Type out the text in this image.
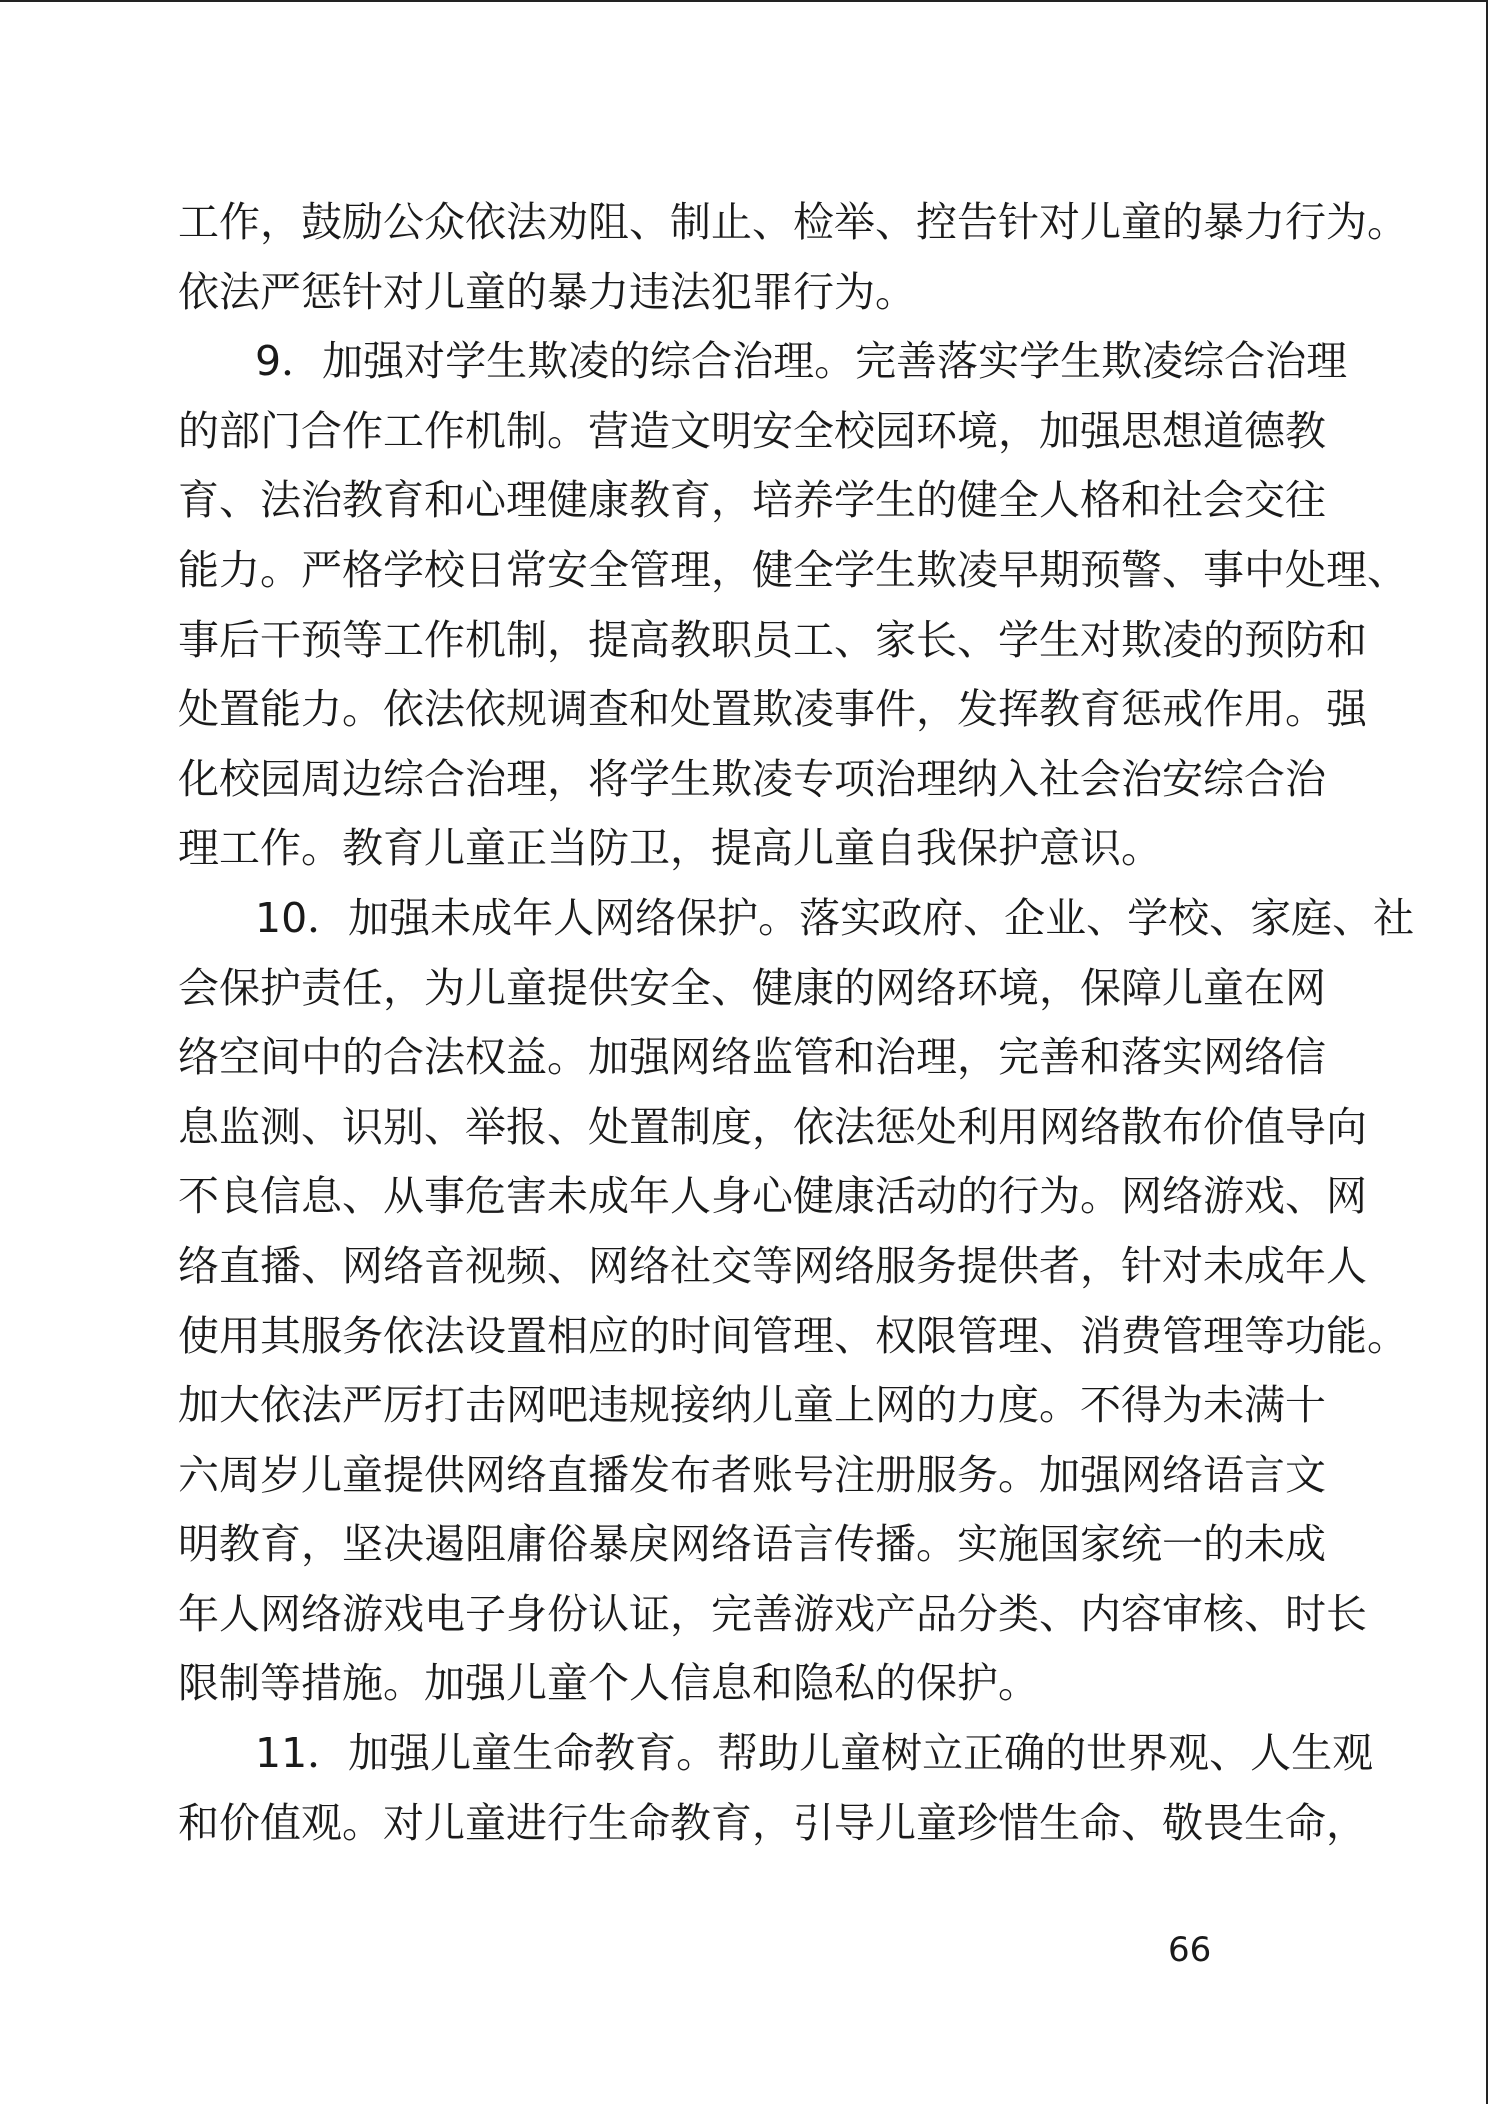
工作，鼓励公众依法劝阻、制止、检举、控告针对儿童的暴力行为。
依法严惩针对儿童的暴力违法犯罪行为。
9．加强对学生欺凌的综合治理。完善落实学生欺凌综合治理
的部门合作工作机制。营造文明安全校园环境，加强思想道德教
育、法治教育和心理健康教育，培养学生的健全人格和社会交往
能力。严格学校日常安全管理，健全学生欺凌早期预警、事中处理、
事后干预等工作机制，提高教职员工、家长、学生对欺凌的预防和
处置能力。依法依规调查和处置欺凌事件，发挥教育惩戒作用。强
化校园周边综合治理，将学生欺凌专项治理纳入社会治安综合治
理工作。教育儿童正当防卫，提高儿童自我保护意识。
10．加强未成年人网络保护。落实政府、企业、学校、家庭、社
会保护责任，为儿童提供安全、健康的网络环境，保障儿童在网
络空间中的合法权益。加强网络监管和治理，完善和落实网络信
息监测、识别、举报、处置制度，依法惩处利用网络散布价值导向
不良信息、从事危害未成年人身心健康活动的行为。网络游戏、网
络直播、网络音视频、网络社交等网络服务提供者，针对未成年人
使用其服务依法设置相应的时间管理、权限管理、消费管理等功能。
加大依法严厉打击网吧违规接纳儿童上网的力度。不得为未满十
六周岁儿童提供网络直播发布者账号注册服务。加强网络语言文
明教育，坚决遏阻庸俗暴戾网络语言传播。实施国家统一的未成
年人网络游戏电子身份认证，完善游戏产品分类、内容审核、时长
限制等措施。加强儿童个人信息和隐私的保护。
11．加强儿童生命教育。帮助儿童树立正确的世界观、人生观
和价值观。对儿童进行生命教育，引导儿童珍惜生命、敬畏生命，
66
